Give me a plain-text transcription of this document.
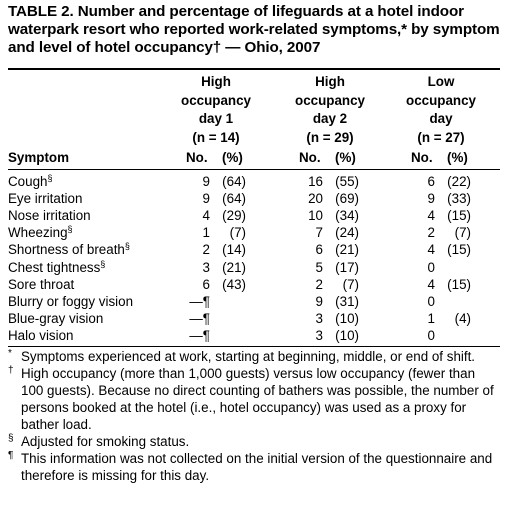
TABLE 2. Number and percentage of lifeguards at a hotel indoor waterpark resort who reported work-related symptoms,* by symptom and level of hotel occupancy† — Ohio, 2007
High
occupancy
day 1
(n = 14)
High
occupancy
day 2
(n = 29)
Low
occupancy
day
(n = 27)
Symptom	No. (%)	No. (%)	No. (%)
Cough§	9 (64)	16 (55)	6 (22)
Eye irritation	9 (64)	20 (69)	9 (33)
Nose irritation	4 (29)	10 (34)	4 (15)
Wheezing§	1	(7)	7 (24)	2	(7)
Shortness of breath§	2 (14)	6 (21)	4 (15)
Chest tightness§	3 (21)	5 (17)	0
Sore throat	6 (43)	2	(7)	4 (15)
Blurry or foggy vision	—¶	9 (31)	0
Blue-gray vision	—¶	3 (10)	1	(4)
Halo vision	—¶	3 (10)	0
* Symptoms experienced at work, starting at beginning, middle, or end of shift.
† High occupancy (more than 1,000 guests) versus low occupancy (fewer than 100 guests). Because no direct counting of bathers was possible, the number of persons booked at the hotel (i.e., hotel occupancy) was used as a proxy for bather load.
§ Adjusted for smoking status.
¶ This information was not collected on the initial version of the questionnaire and therefore is missing for this day.
